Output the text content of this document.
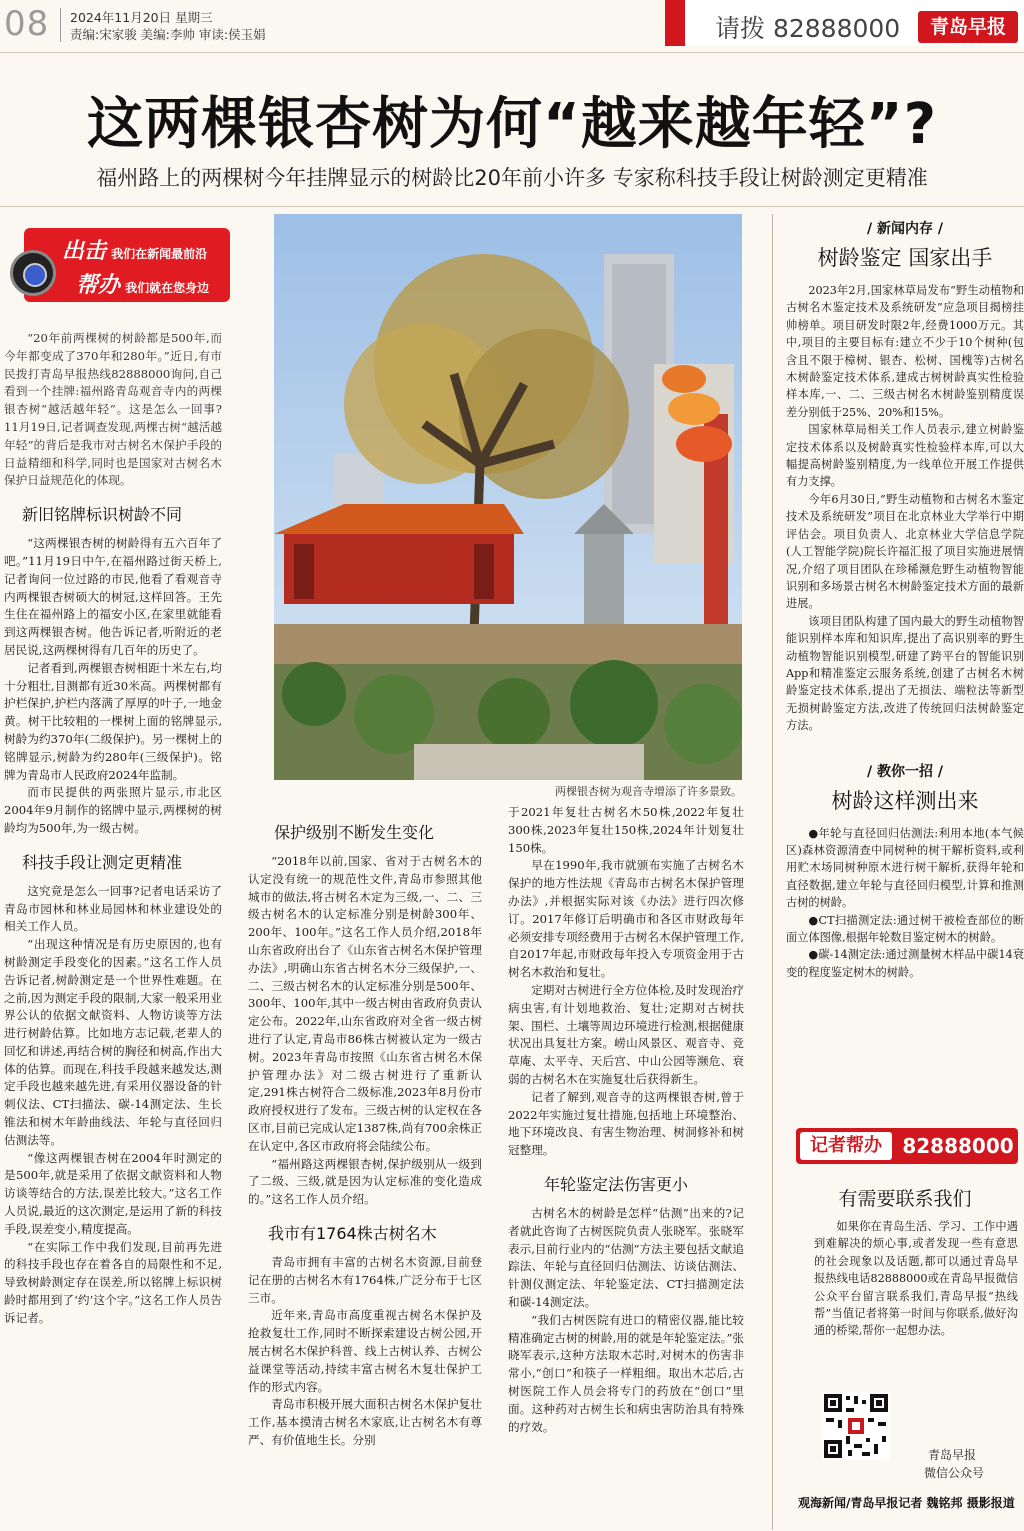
08 2024年11月20日 星期三
责编:宋家骏 美编:李帅 审读:侯玉娟	请拨 82888000	青岛早报
这两棵银杏树为何“越来越年轻”?
福州路上的两棵树今年挂牌显示的树龄比20年前小许多 专家称科技手段让树龄测定更精准
出击 我们在新闻最前沿
帮办 我们就在您身边

“20年前两棵树的树龄都是500年,而今年都变成了370年和280年。”近日,有市民拨打青岛早报热线82888000询问,自己看到一个挂牌:福州路青岛观音寺内的两棵银杏树“越活越年轻”。这是怎么一回事?11月19日,记者调查发现,两棵古树“越活越年轻”的背后是我市对古树名木保护手段的日益精细和科学,同时也是国家对古树名木保护日益规范化的体现。

新旧铭牌标识树龄不同

“这两棵银杏树的树龄得有五六百年了吧。”11月19日中午,在福州路过街天桥上,记者询问一位过路的市民,他看了看观音寺内两棵银杏树硕大的树冠,这样回答。王先生住在福州路上的福安小区,在家里就能看到这两棵银杏树。他告诉记者,听附近的老居民说,这两棵树得有几百年的历史了。

记者看到,两棵银杏树相距十米左右,均十分粗壮,目测都有近30米高。两棵树都有护栏保护,护栏内落满了厚厚的叶子,一地金黄。树干比较粗的一棵树上面的铭牌显示,树龄为约370年(二级保护)。另一棵树上的铭牌显示,树龄为约280年(三级保护)。铭牌为青岛市人民政府2024年监制。

而市民提供的两张照片显示,市北区2004年9月制作的铭牌中显示,两棵树的树龄均为500年,为一级古树。

科技手段让测定更精准

这究竟是怎么一回事?记者电话采访了青岛市园林和林业局园林和林业建设处的相关工作人员。

“出现这种情况是有历史原因的,也有树龄测定手段变化的因素。”这名工作人员告诉记者,树龄测定是一个世界性难题。在之前,因为测定手段的限制,大家一般采用业界公认的依据文献资料、人物访谈等方法进行树龄估算。比如地方志记载,老辈人的回忆和讲述,再结合树的胸径和树高,作出大体的估算。而现在,科技手段越来越发达,测定手段也越来越先进,有采用仪器设备的针刺仪法、CT扫描法、碳-14测定法、生长锥法和树木年龄曲线法、年轮与直径回归估测法等。

“像这两棵银杏树在2004年时测定的是500年,就是采用了依据文献资料和人物访谈等结合的方法,误差比较大。”这名工作人员说,最近的这次测定,是运用了新的科技手段,误差变小,精度提高。

“在实际工作中我们发现,目前再先进的科技手段也存在着各自的局限性和不足,导致树龄测定存在误差,所以铭牌上标识树龄时都用到了‘约’这个字。”这名工作人员告诉记者。

两棵银杏树为观音寺增添了许多景致。
保护级别不断发生变化

“2018年以前,国家、省对于古树名木的认定没有统一的规范性文件,青岛市参照其他城市的做法,将古树名木定为三级,一、二、三级古树名木的认定标准分别是树龄300年、200年、100年。”这名工作人员介绍,2018年山东省政府出台了《山东省古树名木保护管理办法》,明确山东省古树名木分三级保护,一、二、三级古树名木的认定标准分别是500年、300年、100年,其中一级古树由省政府负责认定公布。2022年,山东省政府对全省一级古树进行了认定,青岛市86株古树被认定为一级古树。2023年青岛市按照《山东省古树名木保护管理办法》对二级古树进行了重新认定,291株古树符合二级标准,2023年8月份市政府授权进行了发布。三级古树的认定权在各区市,目前已完成认定1387株,尚有700余株正在认定中,各区市政府将会陆续公布。

“福州路这两棵银杏树,保护级别从一级到了二级、三级,就是因为认定标准的变化造成的。”这名工作人员介绍。

我市有1764株古树名木

青岛市拥有丰富的古树名木资源,目前登记在册的古树名木有1764株,广泛分布于七区三市。

近年来,青岛市高度重视古树名木保护及抢救复壮工作,同时不断探索建设古树公园,开展古树名木保护科普、线上古树认养、古树公益课堂等活动,持续丰富古树名木复壮保护工作的形式内容。

青岛市积极开展大面积古树名木保护复壮工作,基本摸清古树名木家底,让古树名木有尊严、有价值地生长。分别

于2021年复壮古树名木50株,2022年复壮300株,2023年复壮150株,2024年计划复壮150株。

早在1990年,我市就颁布实施了古树名木保护的地方性法规《青岛市古树名木保护管理办法》,并根据实际对该《办法》进行四次修订。2017年修订后明确市和各区市财政每年必须安排专项经费用于古树名木保护管理工作,自2017年起,市财政每年投入专项资金用于古树名木救治和复壮。

定期对古树进行全方位体检,及时发现治疗病虫害,有计划地救治、复壮;定期对古树扶架、围栏、土壤等周边环境进行检测,根据健康状况出具复壮方案。崂山风景区、观音寺、竞草庵、太平寺、天后宫、中山公园等濒危、衰弱的古树名木在实施复壮后获得新生。

记者了解到,观音寺的这两棵银杏树,曾于2022年实施过复壮措施,包括地上环境整治、地下环境改良、有害生物治理、树洞修补和树冠整理。

年轮鉴定法伤害更小

古树名木的树龄是怎样“估测”出来的?记者就此咨询了古树医院负责人张晓军。张晓军表示,目前行业内的“估测”方法主要包括文献追踪法、年轮与直径回归估测法、访谈估测法、针测仪测定法、年轮鉴定法、CT扫描测定法和碳-14测定法。

“我们古树医院有进口的精密仪器,能比较精准确定古树的树龄,用的就是年轮鉴定法。”张晓军表示,这种方法取木芯时,对树木的伤害非常小,“创口”和筷子一样粗细。取出木芯后,古树医院工作人员会将专门的药放在“创口”里面。这种药对古树生长和病虫害防治具有特殊的疗效。

/ 新闻内存 /
树龄鉴定 国家出手

2023年2月,国家林草局发布“野生动植物和古树名木鉴定技术及系统研发”应急项目揭榜挂帅榜单。项目研发时限2年,经费1000万元。其中,项目的主要目标有:建立不少于10个树种(包含且不限于樟树、银杏、松树、国槐等)古树名木树龄鉴定技术体系,建成古树树龄真实性检验样本库,一、二、三级古树名木树龄鉴别精度误差分别低于25%、20%和15%。

国家林草局相关工作人员表示,建立树龄鉴定技术体系以及树龄真实性检验样本库,可以大幅提高树龄鉴别精度,为一线单位开展工作提供有力支撑。

今年6月30日,“野生动植物和古树名木鉴定技术及系统研发”项目在北京林业大学举行中期评估会。项目负责人、北京林业大学信息学院(人工智能学院)院长许福汇报了项目实施进展情况,介绍了项目团队在珍稀濒危野生动植物智能识别和多场景古树名木树龄鉴定技术方面的最新进展。

该项目团队构建了国内最大的野生动植物智能识别样本库和知识库,提出了高识别率的野生动植物智能识别模型,研建了跨平台的智能识别App和精准鉴定云服务系统,创建了古树名木树龄鉴定技术体系,提出了无损法、端粒法等新型无损树龄鉴定方法,改进了传统回归法树龄鉴定方法。

/ 教你一招 /
树龄这样测出来

●年轮与直径回归估测法:利用本地(本气候区)森林资源清查中同树种的树干解析资料,或利用贮木场同树种原木进行树干解析,获得年轮和直径数据,建立年轮与直径回归模型,计算和推测古树的树龄。

●CT扫描测定法:通过树干被检查部位的断面立体图像,根据年轮数目鉴定树木的树龄。

●碳-14测定法:通过测量树木样品中碳14衰变的程度鉴定树木的树龄。

记者帮办	82888000
有需要联系我们

如果你在青岛生活、学习、工作中遇到难解决的烦心事,或者发现一些有意思的社会现象以及话题,都可以通过青岛早报热线电话82888000或在青岛早报微信公众平台留言联系我们,青岛早报“热线帮”当值记者将第一时间与你联系,做好沟通的桥梁,帮你一起想办法。

青岛早报
微信公众号
观海新闻/青岛早报记者 魏铭邦 摄影报道
